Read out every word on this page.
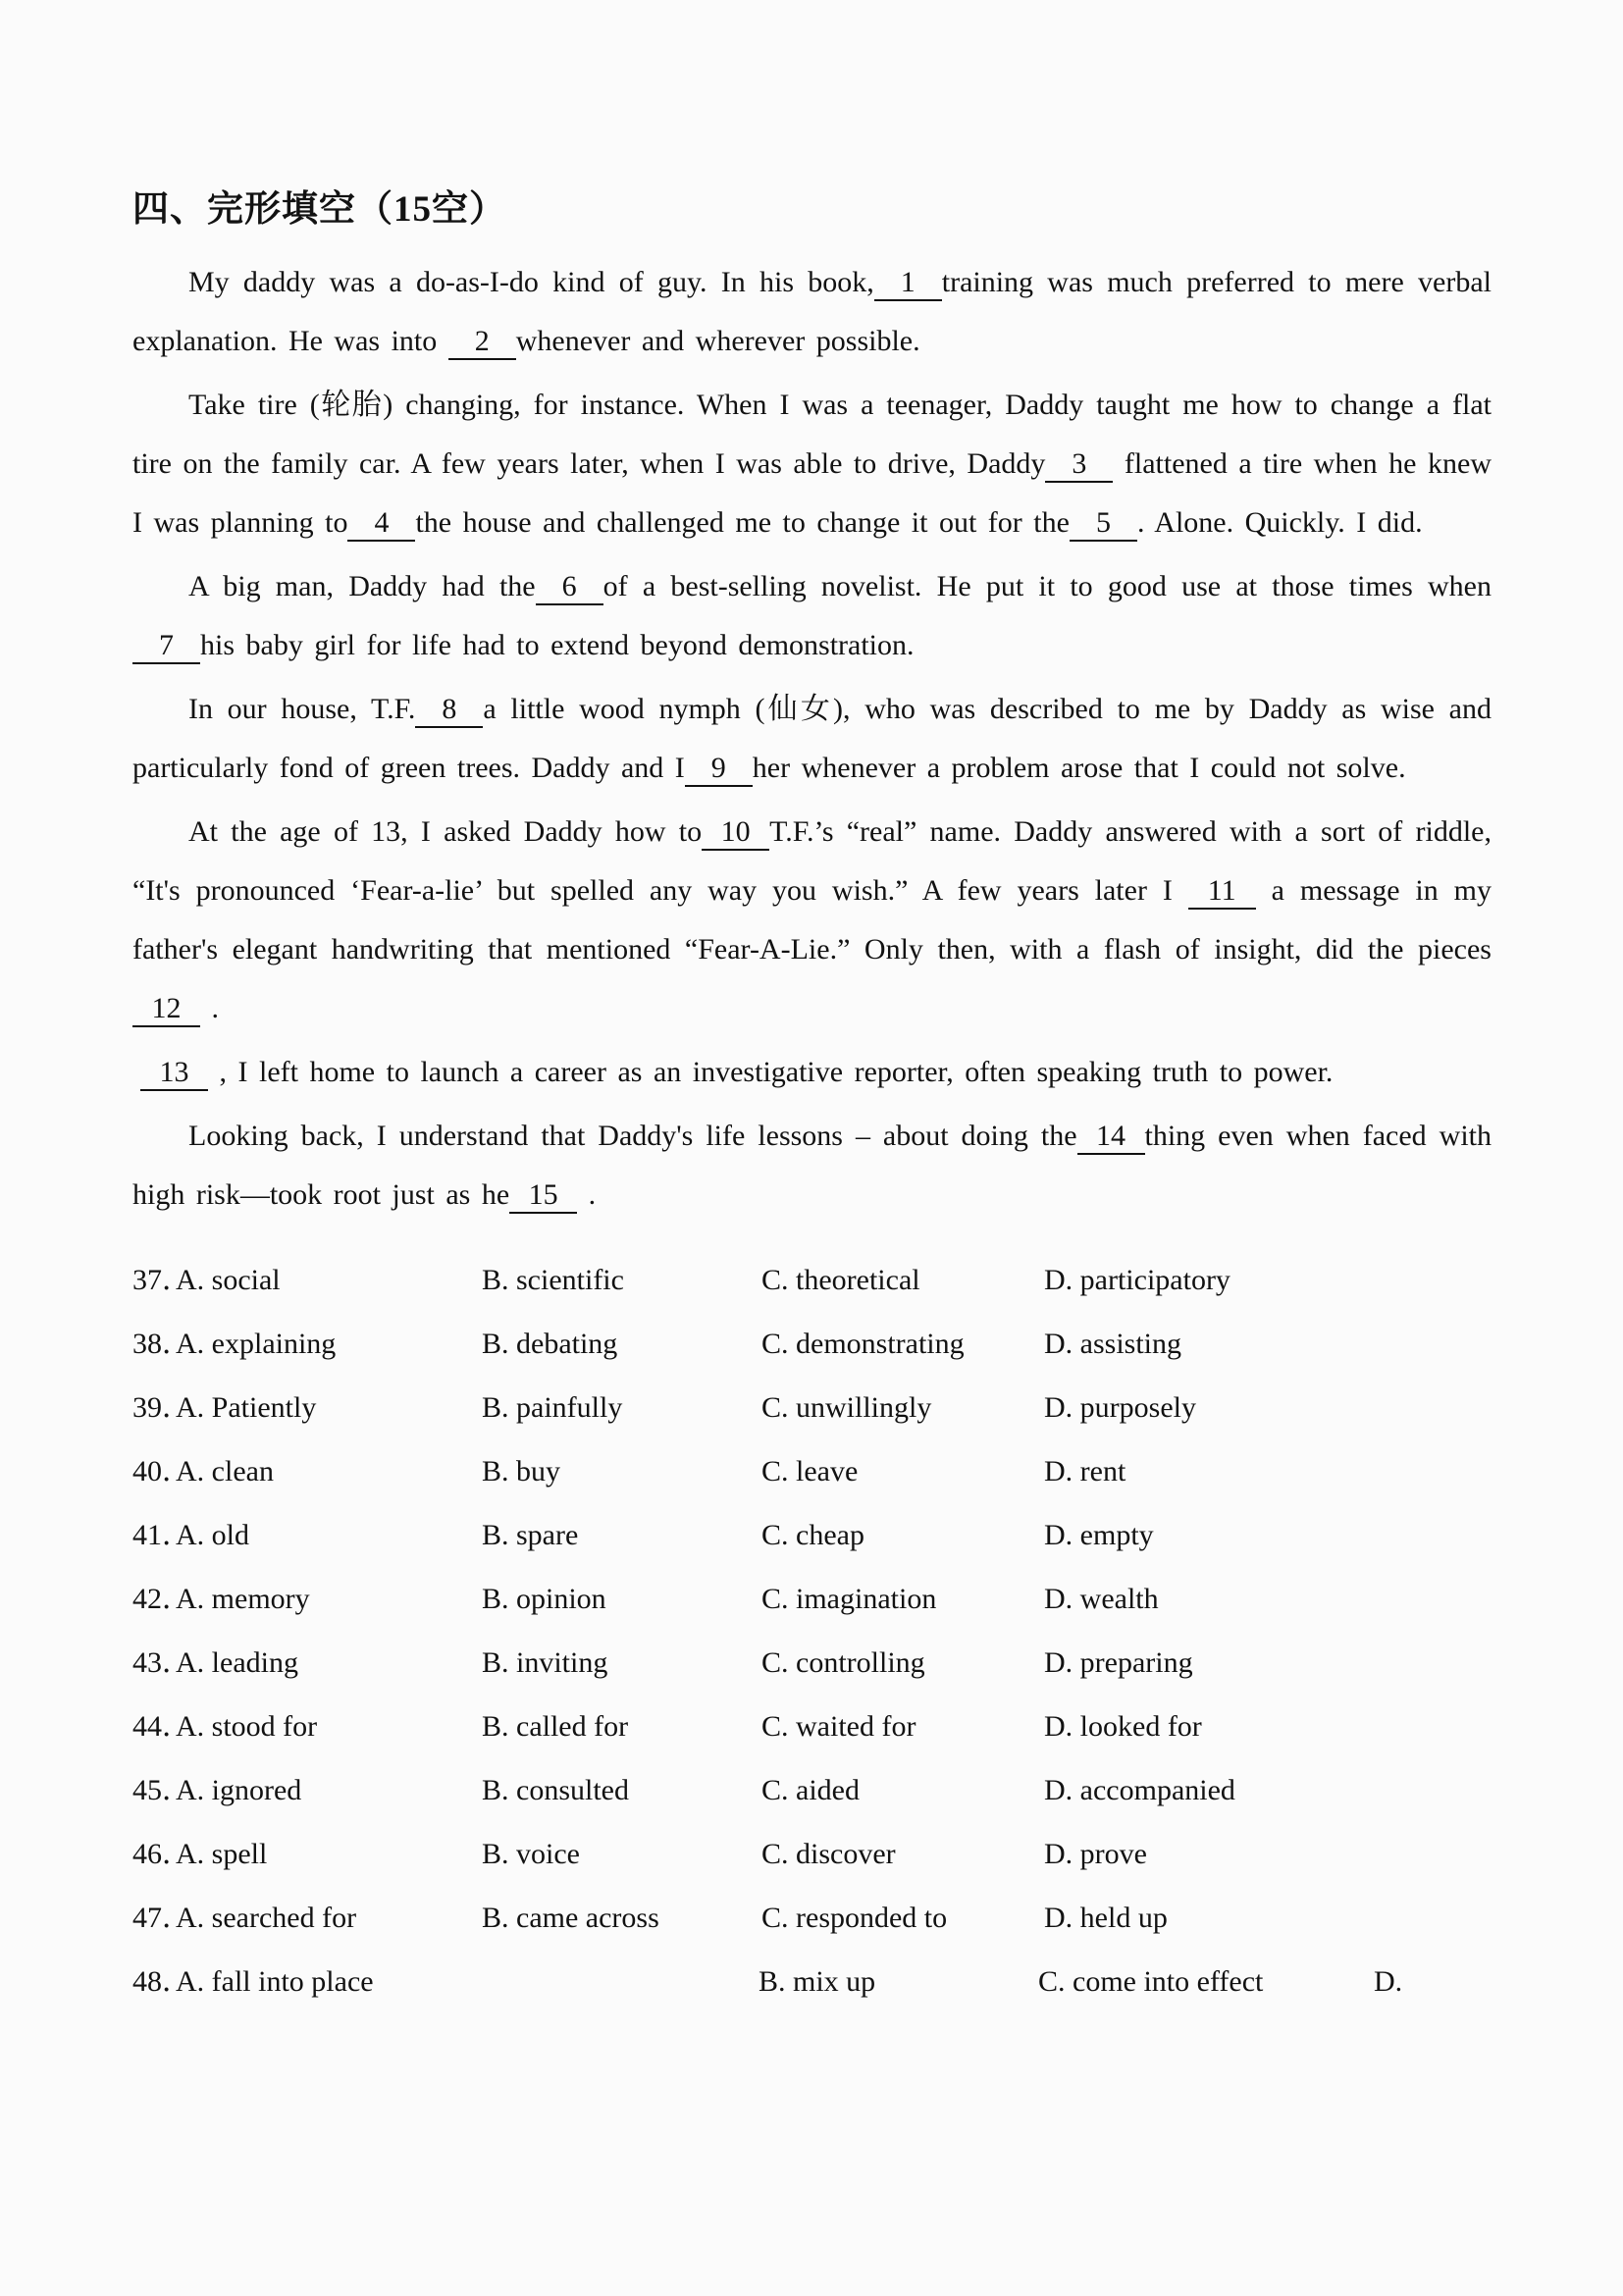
四、完形填空（15空）

My daddy was a do-as-I-do kind of guy. In his book, 1 training was much preferred to mere verbal explanation. He was into 2 whenever and wherever possible.

Take tire (轮胎) changing, for instance. When I was a teenager, Daddy taught me how to change a flat tire on the family car. A few years later, when I was able to drive, Daddy 3 flattened a tire when he knew I was planning to 4 the house and challenged me to change it out for the 5 . Alone. Quickly. I did.

A big man, Daddy had the 6 of a best-selling novelist. He put it to good use at those times when7 his baby girl for life had to extend beyond demonstration.

In our house, T.F. 8 a little wood nymph (仙女), who was described to me by Daddy as wise and particularly fond of green trees. Daddy and I 9 her whenever a problem arose that I could not solve.

At the age of 13, I asked Daddy how to 10 T.F.’s “real” name. Daddy answered with a sort of riddle, “It's pronounced ‘Fear-a-lie’ but spelled any way you wish.” A few years later I 11 a message in my father's elegant handwriting that mentioned “Fear-A-Lie.” Only then, with a flash of insight, did the pieces12 .

13 , I left home to launch a career as an investigative reporter, often speaking truth to power.

Looking back, I understand that Daddy's life lessons – about doing the 14 thing even when faced with high risk—took root just as he 15 .

37．
A. social	B. scientific	C. theoretical	D. participatory
38．
A. explaining	B. debating	C. demonstrating	D. assisting
39．
A. Patiently	B. painfully	C. unwillingly	D. purposely
40．
A. clean	B. buy	C. leave	D. rent
41．
A. old	B. spare	C. cheap	D. empty
42．
A. memory	B. opinion	C. imagination	D. wealth
43．
A. leading	B. inviting	C. controlling	D. preparing
44．
A. stood for	B. called for	C. waited for	D. looked for
45．
A. ignored	B. consulted	C. aided	D. accompanied
46．
A. spell	B. voice	C. discover	D. prove
47．
A. searched for	B. came across	C. responded to	D. held up
48．
A. fall into place	B. mix up	C. come into effect	D.
